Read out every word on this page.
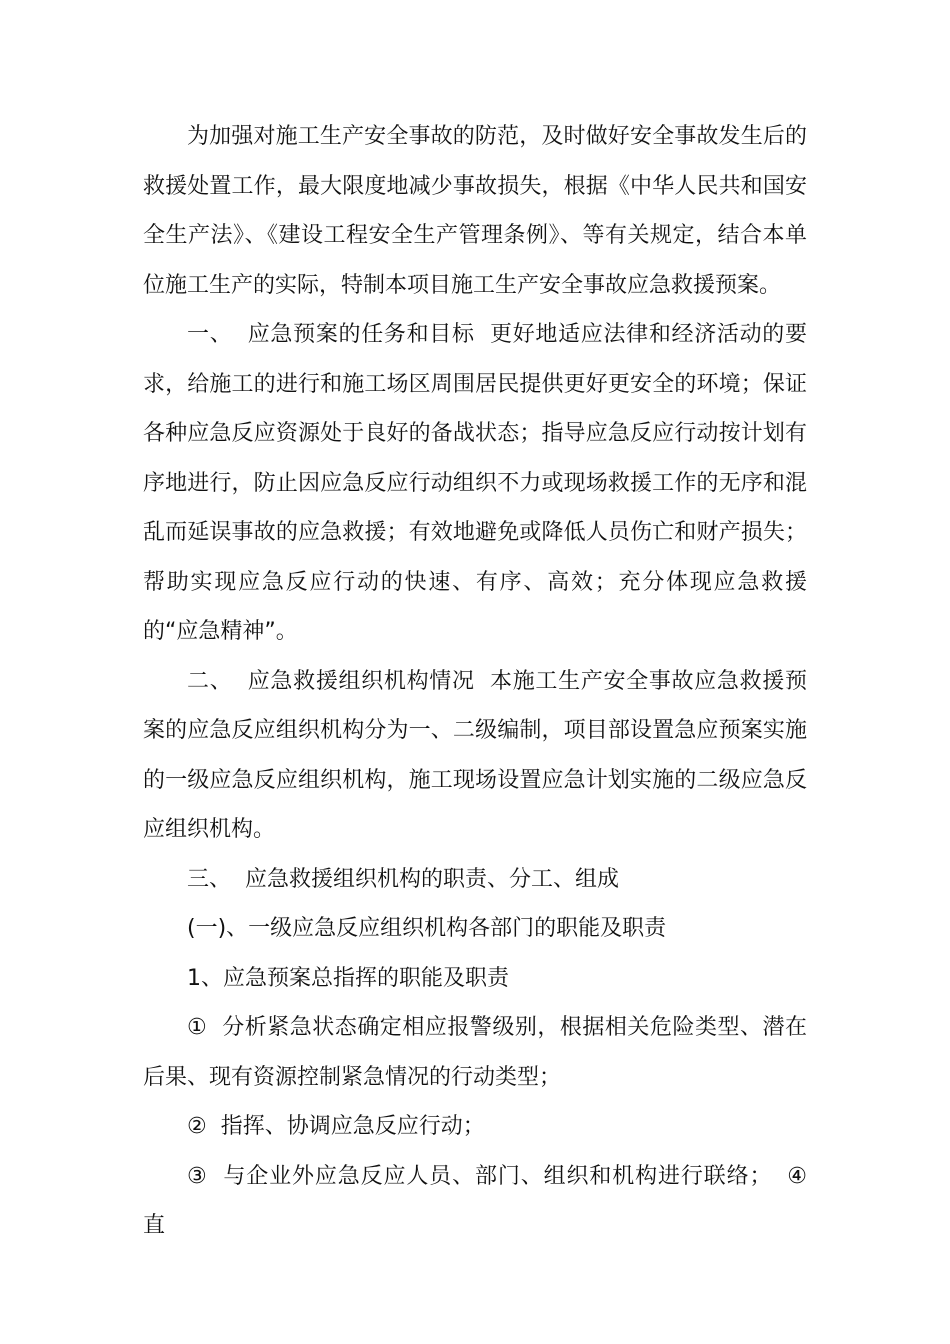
为加强对施工生产安全事故的防范，及时做好安全事故发生后的救援处置工作，最大限度地减少事故损失，根据《中华人民共和国安全生产法》、《建设工程安全生产管理条例》、等有关规定，结合本单位施工生产的实际，特制本项目施工生产安全事故应急救援预案。

一、  应急预案的任务和目标  更好地适应法律和经济活动的要求，给施工的进行和施工场区周围居民提供更好更安全的环境；保证各种应急反应资源处于良好的备战状态；指导应急反应行动按计划有序地进行，防止因应急反应行动组织不力或现场救援工作的无序和混乱而延误事故的应急救援；有效地避免或降低人员伤亡和财产损失；帮助实现应急反应行动的快速、有序、高效；充分体现应急救援的“应急精神”。

二、  应急救援组织机构情况  本施工生产安全事故应急救援预案的应急反应组织机构分为一、二级编制，项目部设置急应预案实施的一级应急反应组织机构，施工现场设置应急计划实施的二级应急反应组织机构。

三、  应急救援组织机构的职责、分工、组成

(一)、一级应急反应组织机构各部门的职能及职责

1、应急预案总指挥的职能及职责

①  分析紧急状态确定相应报警级别，根据相关危险类型、潜在后果、现有资源控制紧急情况的行动类型；

②  指挥、协调应急反应行动；

③  与企业外应急反应人员、部门、组织和机构进行联络；  ④  直
